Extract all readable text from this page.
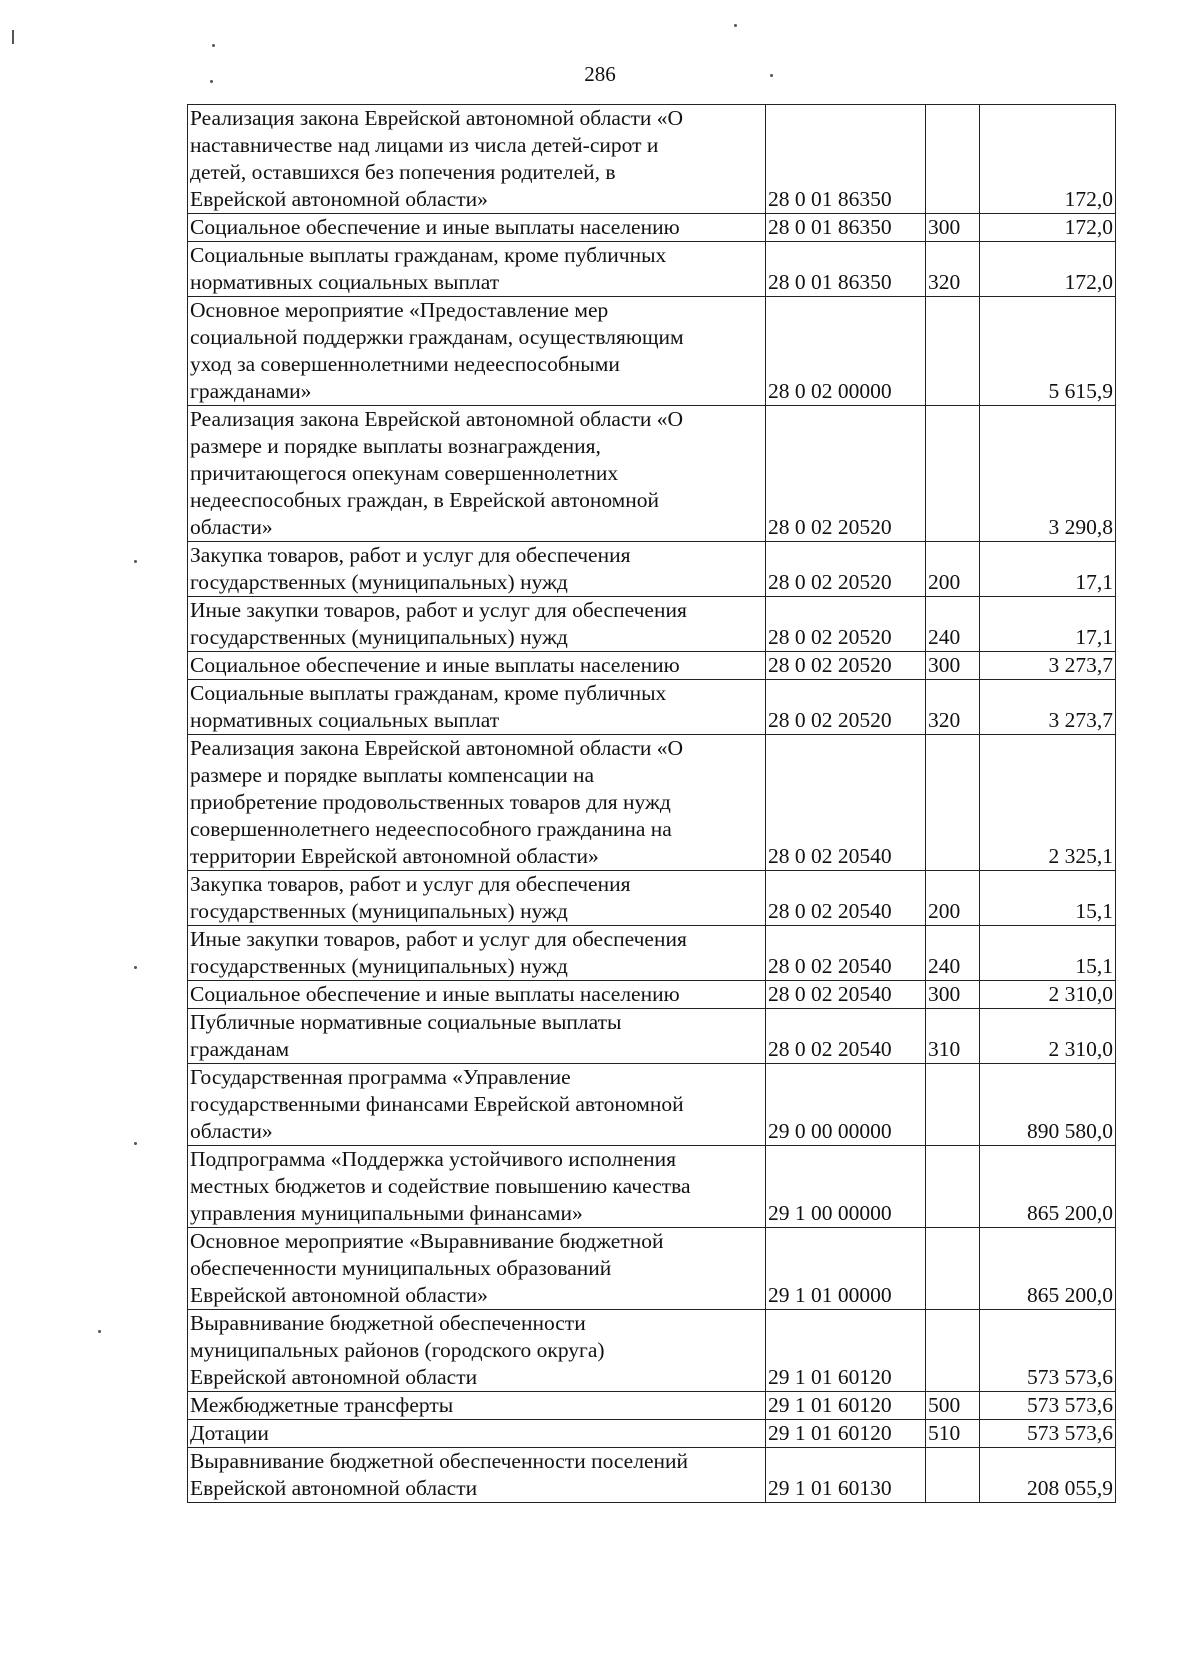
286
Реализация закона Еврейской автономной области «О
наставничестве над лицами из числа детей-сирот и
детей, оставшихся без попечения родителей, в
Еврейской автономной области»	28 0 01 86350		172,0
Социальное обеспечение и иные выплаты населению	28 0 01 86350	300	172,0
Социальные выплаты гражданам, кроме публичных
нормативных социальных выплат	28 0 01 86350	320	172,0
Основное мероприятие «Предоставление мер
социальной поддержки гражданам, осуществляющим
уход за совершеннолетними недееспособными
гражданами»	28 0 02 00000		5 615,9
Реализация закона Еврейской автономной области «О
размере и порядке выплаты вознаграждения,
причитающегося опекунам совершеннолетних
недееспособных граждан, в Еврейской автономной
области»	28 0 02 20520		3 290,8
Закупка товаров, работ и услуг для обеспечения
государственных (муниципальных) нужд	28 0 02 20520	200	17,1
Иные закупки товаров, работ и услуг для обеспечения
государственных (муниципальных) нужд	28 0 02 20520	240	17,1
Социальное обеспечение и иные выплаты населению	28 0 02 20520	300	3 273,7
Социальные выплаты гражданам, кроме публичных
нормативных социальных выплат	28 0 02 20520	320	3 273,7
Реализация закона Еврейской автономной области «О
размере и порядке выплаты компенсации на
приобретение продовольственных товаров для нужд
совершеннолетнего недееспособного гражданина на
территории Еврейской автономной области»	28 0 02 20540		2 325,1
Закупка товаров, работ и услуг для обеспечения
государственных (муниципальных) нужд	28 0 02 20540	200	15,1
Иные закупки товаров, работ и услуг для обеспечения
государственных (муниципальных) нужд	28 0 02 20540	240	15,1
Социальное обеспечение и иные выплаты населению	28 0 02 20540	300	2 310,0
Публичные нормативные социальные выплаты
гражданам	28 0 02 20540	310	2 310,0
Государственная программа «Управление
государственными финансами Еврейской автономной
области»	29 0 00 00000		890 580,0
Подпрограмма «Поддержка устойчивого исполнения
местных бюджетов и содействие повышению качества
управления муниципальными финансами»	29 1 00 00000		865 200,0
Основное мероприятие «Выравнивание бюджетной
обеспеченности муниципальных образований
Еврейской автономной области»	29 1 01 00000		865 200,0
Выравнивание бюджетной обеспеченности
муниципальных районов (городского округа)
Еврейской автономной области	29 1 01 60120		573 573,6
Межбюджетные трансферты	29 1 01 60120	500	573 573,6
Дотации	29 1 01 60120	510	573 573,6
Выравнивание бюджетной обеспеченности поселений
Еврейской автономной области	29 1 01 60130		208 055,9
